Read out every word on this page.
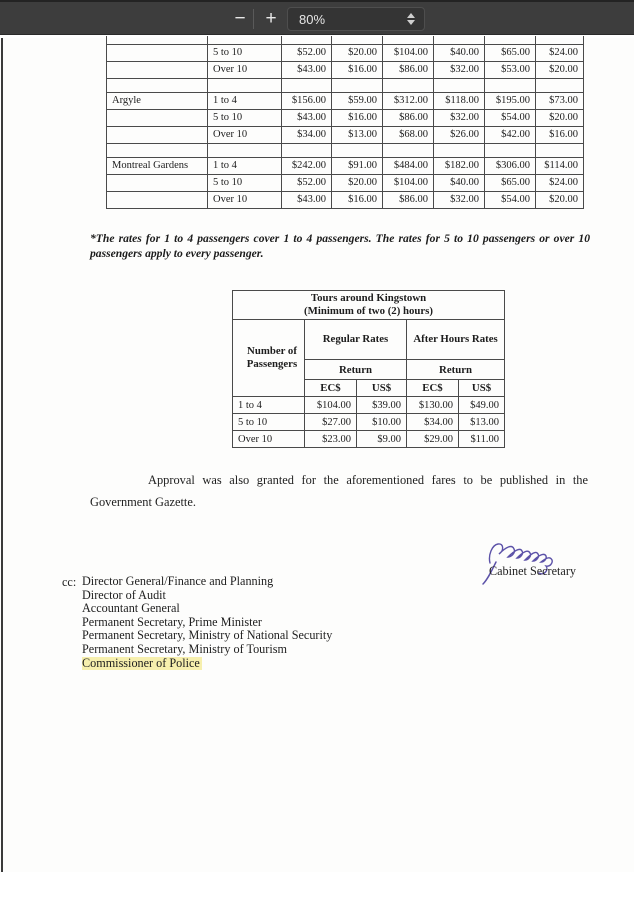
−	+	80%

	5 to 10	$52.00	$20.00	$104.00	$40.00	$65.00	$24.00
	Over 10	$43.00	$16.00	$86.00	$32.00	$53.00	$20.00

Argyle	1 to 4	$156.00	$59.00	$312.00	$118.00	$195.00	$73.00
	5 to 10	$43.00	$16.00	$86.00	$32.00	$54.00	$20.00
	Over 10	$34.00	$13.00	$68.00	$26.00	$42.00	$16.00

Montreal Gardens	1 to 4	$242.00	$91.00	$484.00	$182.00	$306.00	$114.00
	5 to 10	$52.00	$20.00	$104.00	$40.00	$65.00	$24.00
	Over 10	$43.00	$16.00	$86.00	$32.00	$54.00	$20.00
*The rates for 1 to 4 passengers cover 1 to 4 passengers. The rates for 5 to 10 passengers or over 10 passengers apply to every passenger.
Tours around Kingstown
(Minimum of two (2) hours)				

Number of Passengers	Regular Rates		After Hours Rates	
	Return		Return	
	EC$	US$	EC$	US$
1 to 4	$104.00	$39.00	$130.00	$49.00
5 to 10	$27.00	$10.00	$34.00	$13.00
Over 10	$23.00	$9.00	$29.00	$11.00
Approval was also granted for the aforementioned fares to be published in the Government Gazette.
Cabinet Secretary
cc: Director General/Finance and Planning
Director of Audit
Accountant General
Permanent Secretary, Prime Minister
Permanent Secretary, Ministry of National Security
Permanent Secretary, Ministry of Tourism
Commissioner of Police
